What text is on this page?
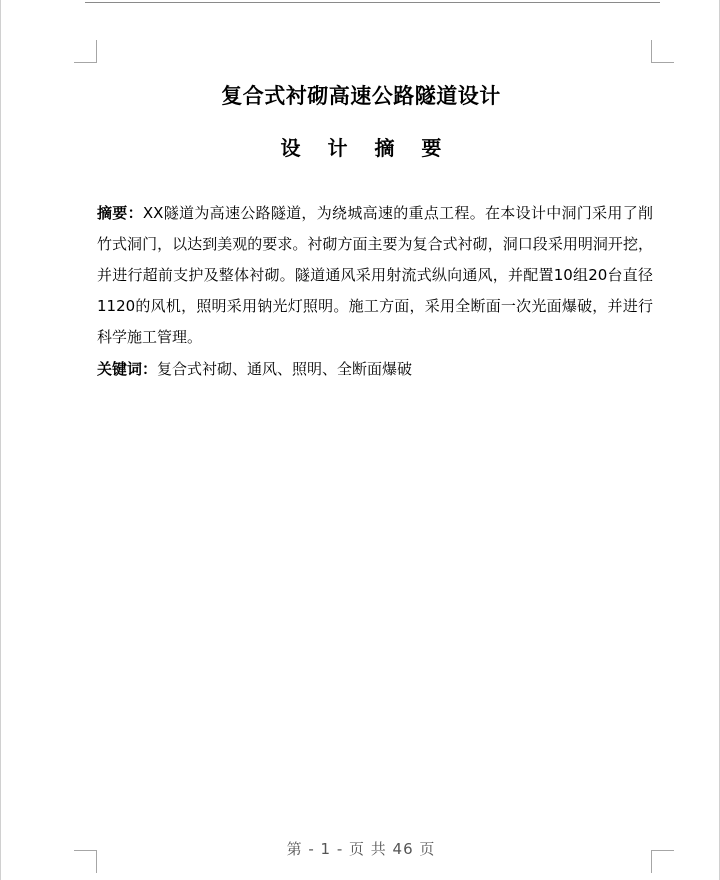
复合式衬砌高速公路隧道设计
设 计 摘 要

摘要：XX隧道为高速公路隧道，为绕城高速的重点工程。在本设计中洞门采用了削竹式洞门，以达到美观的要求。衬砌方面主要为复合式衬砌，洞口段采用明洞开挖，并进行超前支护及整体衬砌。隧道通风采用射流式纵向通风，并配置10组20台直径1120的风机，照明采用钠光灯照明。施工方面，采用全断面一次光面爆破，并进行科学施工管理。

关键词：复合式衬砌、通风、照明、全断面爆破

第 - 1 - 页 共 46 页
